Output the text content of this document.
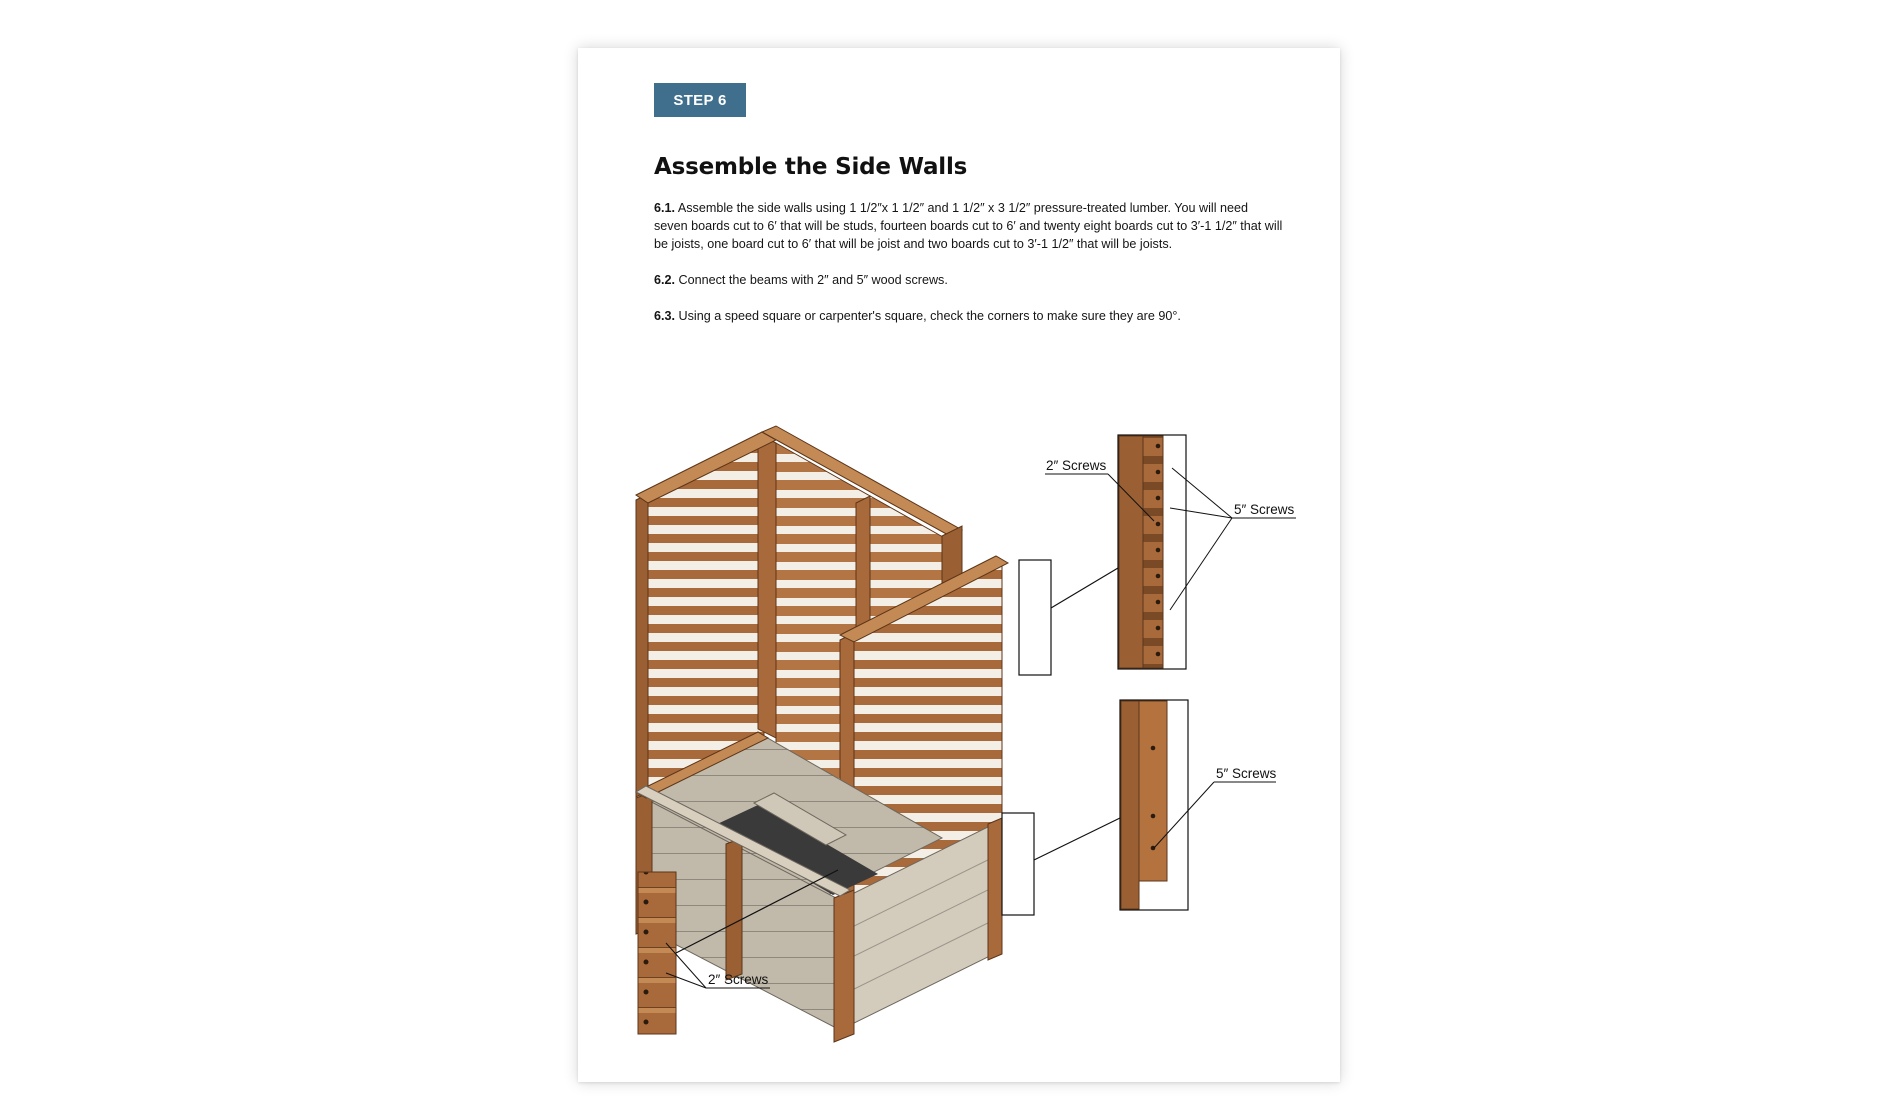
STEP 6
Assemble the Side Walls

6.1. Assemble the side walls using 1 1/2″x 1 1/2″ and 1 1/2″ x 3 1/2″ pressure-treated lumber. You will need seven boards cut to 6′ that will be studs, fourteen boards cut to 6′ and twenty eight boards cut to 3′-1 1/2″ that will be joists, one board cut to 6′ that will be joist and two boards cut to 3′-1 1/2″ that will be joists.

6.2. Connect the beams with 2″ and 5″ wood screws.

6.3. Using a speed square or carpenter's square, check the corners to make sure they are 90°.

2″ Screws
5″ Screws
5″ Screws
2″ Screws
